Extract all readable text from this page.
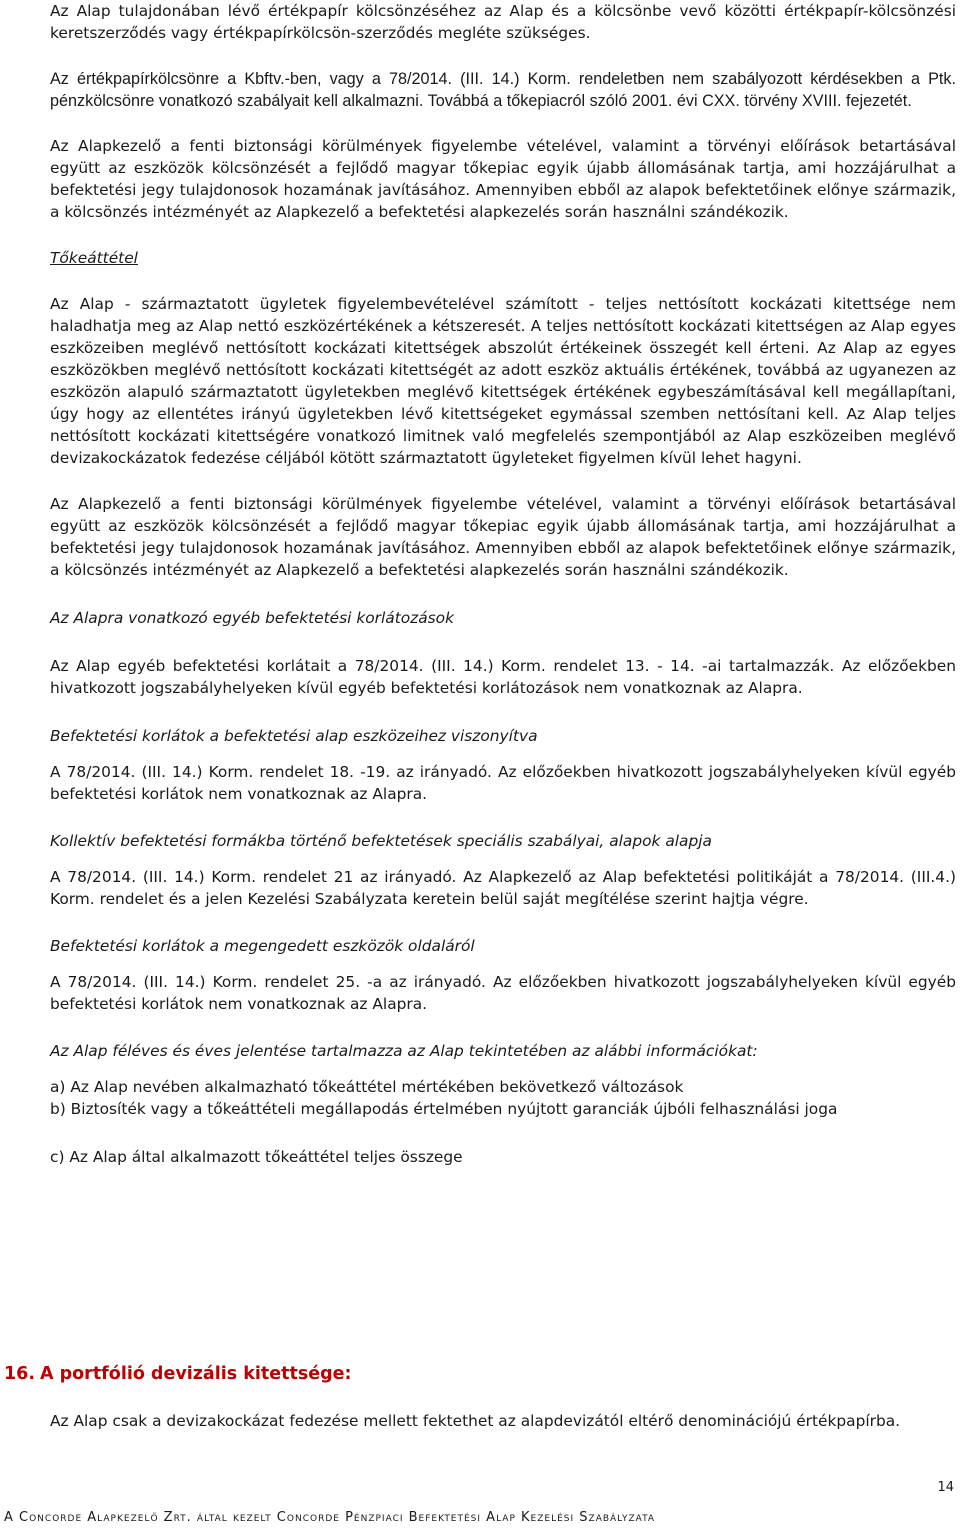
Az Alap tulajdonában lévő értékpapír kölcsönzéséhez az Alap és a kölcsönbe vevő közötti értékpapír-kölcsönzési keretszerződés vagy értékpapírkölcsön-szerződés megléte szükséges.

Az értékpapírkölcsönre a Kbftv.-ben, vagy a 78/2014. (III. 14.) Korm. rendeletben nem szabályozott kérdésekben a Ptk. pénzkölcsönre vonatkozó szabályait kell alkalmazni. Továbbá a tőkepiacról szóló 2001. évi CXX. törvény XVIII. fejezetét.

Az Alapkezelő a fenti biztonsági körülmények figyelembe vételével, valamint a törvényi előírások betartásával együtt az eszközök kölcsönzését a fejlődő magyar tőkepiac egyik újabb állomásának tartja, ami hozzájárulhat a befektetési jegy tulajdonosok hozamának javításához. Amennyiben ebből az alapok befektetőinek előnye származik, a kölcsönzés intézményét az Alapkezelő a befektetési alapkezelés során használni szándékozik.

Tőkeáttétel

Az Alap - származtatott ügyletek figyelembevételével számított - teljes nettósított kockázati kitettsége nem haladhatja meg az Alap nettó eszközértékének a kétszeresét. A teljes nettósított kockázati kitettségen az Alap egyes eszközeiben meglévő nettósított kockázati kitettségek abszolút értékeinek összegét kell érteni. Az Alap az egyes eszközökben meglévő nettósított kockázati kitettségét az adott eszköz aktuális értékének, továbbá az ugyanezen az eszközön alapuló származtatott ügyletekben meglévő kitettségek értékének egybeszámításával kell megállapítani, úgy hogy az ellentétes irányú ügyletekben lévő kitettségeket egymással szemben nettósítani kell. Az Alap teljes nettósított kockázati kitettségére vonatkozó limitnek való megfelelés szempontjából az Alap eszközeiben meglévő devizakockázatok fedezése céljából kötött származtatott ügyleteket figyelmen kívül lehet hagyni.

Az Alapkezelő a fenti biztonsági körülmények figyelembe vételével, valamint a törvényi előírások betartásával együtt az eszközök kölcsönzését a fejlődő magyar tőkepiac egyik újabb állomásának tartja, ami hozzájárulhat a befektetési jegy tulajdonosok hozamának javításához. Amennyiben ebből az alapok befektetőinek előnye származik, a kölcsönzés intézményét az Alapkezelő a befektetési alapkezelés során használni szándékozik.

Az Alapra vonatkozó egyéb befektetési korlátozások

Az Alap egyéb befektetési korlátait a 78/2014. (III. 14.) Korm. rendelet 13. - 14. -ai tartalmazzák. Az előzőekben hivatkozott jogszabályhelyeken kívül egyéb befektetési korlátozások nem vonatkoznak az Alapra.

Befektetési korlátok a befektetési alap eszközeihez viszonyítva

A 78/2014. (III. 14.) Korm. rendelet 18. -19. az irányadó. Az előzőekben hivatkozott jogszabályhelyeken kívül egyéb befektetési korlátok nem vonatkoznak az Alapra.

Kollektív befektetési formákba történő befektetések speciális szabályai, alapok alapja

A 78/2014. (III. 14.) Korm. rendelet 21 az irányadó. Az Alapkezelő az Alap befektetési politikáját a 78/2014. (III.4.) Korm. rendelet és a jelen Kezelési Szabályzata keretein belül saját megítélése szerint hajtja végre.

Befektetési korlátok a megengedett eszközök oldaláról

A 78/2014. (III. 14.) Korm. rendelet 25. -a az irányadó. Az előzőekben hivatkozott jogszabályhelyeken kívül egyéb befektetési korlátok nem vonatkoznak az Alapra.

Az Alap féléves és éves jelentése tartalmazza az Alap tekintetében az alábbi információkat:

a) Az Alap nevében alkalmazható tőkeáttétel mértékében bekövetkező változások

b) Biztosíték vagy a tőkeáttételi megállapodás értelmében nyújtott garanciák újbóli felhasználási joga

c) Az Alap által alkalmazott tőkeáttétel teljes összege

16. A portfólió devizális kitettsége:

Az Alap csak a devizakockázat fedezése mellett fektethet az alapdevizától eltérő denominációjú értékpapírba.

14
A Concorde Alapkezelő Zrt. által kezelt Concorde Pénzpiaci Befektetési Alap Kezelési Szabályzata
